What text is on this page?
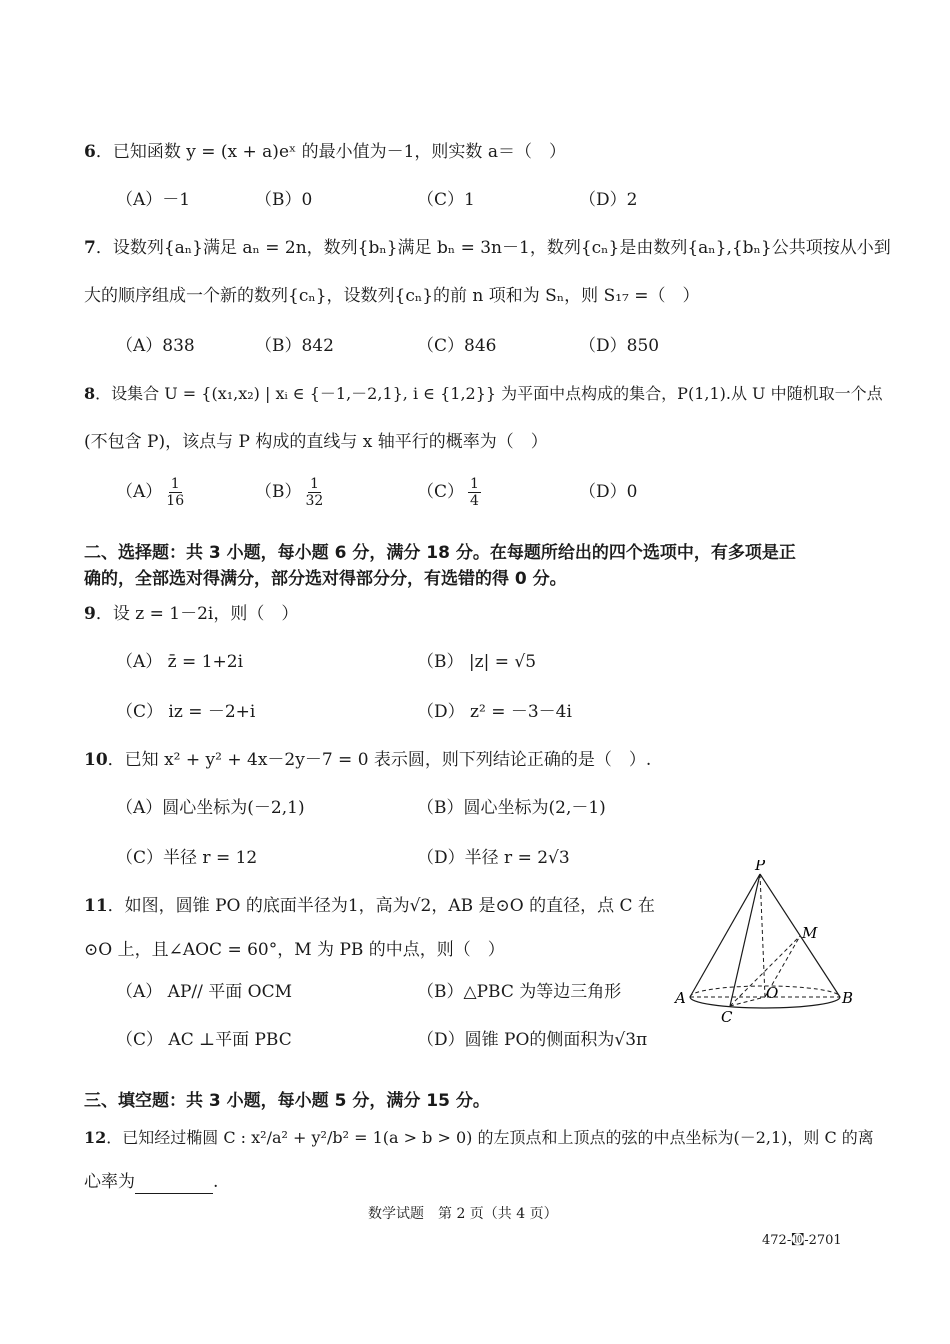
6．已知函数 y = (x + a)eˣ 的最小值为－1，则实数 a＝（　）
（A）－1	（B）0	（C）1	（D）2
7．设数列{aₙ}满足 aₙ = 2n，数列{bₙ}满足 bₙ = 3n－1，数列{cₙ}是由数列{aₙ},{bₙ}公共项按从小到
大的顺序组成一个新的数列{cₙ}，设数列{cₙ}的前 n 项和为 Sₙ，则 S₁₇ =（　）
（A）838	（B）842	（C）846	（D）850
8．设集合 U = {(x₁,x₂) | xᵢ ∈ {－1,－2,1}, i ∈ {1,2}} 为平面中点构成的集合，P(1,1).从 U 中随机取一个点
(不包含 P)，该点与 P 构成的直线与 x 轴平行的概率为（　）
$(A) \frac{1}{16}$	$(B) \frac{1}{32}$	$(C) \frac{1}{4}$	（D）0
二、选择题：共 3 小题，每小题 6 分，满分 18 分。在每题所给出的四个选项中，有多项是正
确的，全部选对得满分，部分选对得部分分，有选错的得 0 分。
9．设 z = 1－2i，则（　）
（A） z̄ = 1+2i	（B） |z| = √5
（C） iz = －2+i	（D） z² = －3－4i
10．已知 x² + y² + 4x－2y－7 = 0 表示圆，则下列结论正确的是（　）.
（A）圆心坐标为(－2,1)	（B）圆心坐标为(2,－1)
（C）半径 r = 12	（D）半径 r = 2√3
11．如图，圆锥 PO 的底面半径为1，高为√2，AB 是⊙O 的直径，点 C 在
⊙O 上，且∠AOC = 60°，M 为 PB 的中点，则（　）
（A） AP// 平面 OCM	（B）△PBC 为等边三角形
（C） AC ⊥平面 PBC	（D）圆锥 PO的侧面积为√3π
P
M
A	B
C
O
三、填空题：共 3 小题，每小题 5 分，满分 15 分。
12．已知经过椭圆 C : x²/a² + y²/b² = 1(a > b > 0) 的左顶点和上顶点的弦的中点坐标为(－2,1)，则 C 的离
心率为	.
数学试题　第 2 页（共 4 页）
472-㉈-2701
